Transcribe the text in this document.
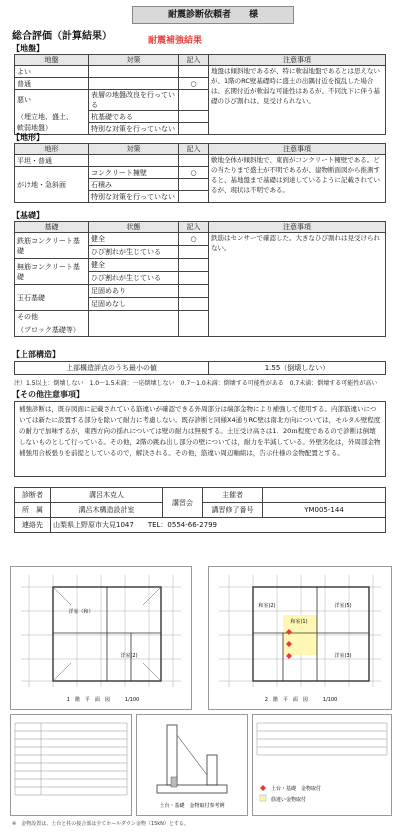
耐震診断依頼者　　様
総合評価（計算結果）	耐震補強結果
【地盤】
地盤	対策	記入	注意事項
よい			地盤は傾斜地であるが、特に軟弱地盤であるとは思えないが、1階のRC壁基礎時に盛土の出隅付近を撹乱した場合は、玄関付近が軟弱な可能性はあるが、不同沈下に伴う基礎のひび割れは、見受けられない。
普通		○	
悪い	表層の地盤改良を行っている		
（埋立地、盛土、	杭基礎である		
軟弱地盤）	特別な対策を行っていない		
【地形】
地形	対策	記入	注意事項
平坦・普通			敷地全体が傾斜地で、東面がコンクリート擁壁である。どの当たりまで盛土が不明であるが、建物断面図から推測すると、基地盤まで基礎は到達しているように記載されているが、現状は不明である。
がけ地・急斜面	コンクリート擁壁	○	
	石積み		
	特別な対策を行っていない		
【基礎】
基礎	状態	記入	注意事項
鉄筋コンクリート基礎	健全	○	鉄筋はセンサーで確認した。大きなひび割れは見受けられない。
	ひび割れが生じている		
無筋コンクリート基礎	健全		
	ひび割れが生じている		
玉石基礎	足固めあり		
	足固めなし		
その他			
（ブロック基礎等）			
【上部構造】
上部構造評点のうち最小の値	1.55（倒壊しない）
注）1.5以上：倒壊しない　1.0〜1.5未満：一応倒壊しない　0.7〜1.0未満：倒壊する可能性がある　0.7未満：倒壊する可能性が高い
【その他注意事項】
補強診断は，既存図面に記載されている筋違いが確認できる外周部分は端部金物により補強して使用する。内部筋違いについては新たに設置する部分を除いて耐力に考慮しない。既存診断と同様X4通りRC壁は南北方向については，モルタル壁程度の耐力で加味するが，東西方向の揺れについては壁の耐力は無視する。土圧受け高さは1．20ｍ程度であるので診断は倒壊しないものとして行っている。その他，2階の跳ね出し部分の壁については，耐力を半減している。外壁劣化は，外周部金物補強用合板張りを前提としているので，解決される。その他，筋違い周辺軸組は，告示仕様の金物配置とする。
診断者	溝呂木克人	講習会	主催者	
所　属	溝呂木構造設計室		講習修了番号	YM005-144
連絡先	山梨県上野原市大見1047　　TEL：0554-66-2799			
洋室（和）
洋室(2)
1　階　平　面　図　　　1/100
和室(1)
洋室(3)
和室(2)	洋室(5)
2　階　平　面　図　　　1/100
土台・基礎　金物取付参考例
土台・基礎　金物取付
筋違い金物取付
※　金物設置は、土台と柱の接合部は全てホールダウン金物（15kN）とする。
